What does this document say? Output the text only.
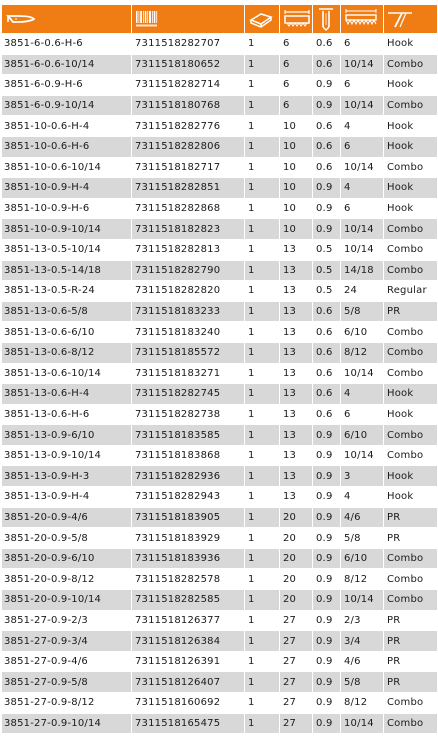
3851-6-0.6-H-6	7311518282707	1	6	0.6	6	Hook
3851-6-0.6-10/14	7311518180652	1	6	0.6	10/14	Combo
3851-6-0.9-H-6	7311518282714	1	6	0.9	6	Hook
3851-6-0.9-10/14	7311518180768	1	6	0.9	10/14	Combo
3851-10-0.6-H-4	7311518282776	1	10	0.6	4	Hook
3851-10-0.6-H-6	7311518282806	1	10	0.6	6	Hook
3851-10-0.6-10/14	7311518182717	1	10	0.6	10/14	Combo
3851-10-0.9-H-4	7311518282851	1	10	0.9	4	Hook
3851-10-0.9-H-6	7311518282868	1	10	0.9	6	Hook
3851-10-0.9-10/14	7311518182823	1	10	0.9	10/14	Combo
3851-13-0.5-10/14	7311518282813	1	13	0.5	10/14	Combo
3851-13-0.5-14/18	7311518282790	1	13	0.5	14/18	Combo
3851-13-0.5-R-24	7311518282820	1	13	0.5	24	Regular
3851-13-0.6-5/8	7311518183233	1	13	0.6	5/8	PR
3851-13-0.6-6/10	7311518183240	1	13	0.6	6/10	Combo
3851-13-0.6-8/12	7311518185572	1	13	0.6	8/12	Combo
3851-13-0.6-10/14	7311518183271	1	13	0.6	10/14	Combo
3851-13-0.6-H-4	7311518282745	1	13	0.6	4	Hook
3851-13-0.6-H-6	7311518282738	1	13	0.6	6	Hook
3851-13-0.9-6/10	7311518183585	1	13	0.9	6/10	Combo
3851-13-0.9-10/14	7311518183868	1	13	0.9	10/14	Combo
3851-13-0.9-H-3	7311518282936	1	13	0.9	3	Hook
3851-13-0.9-H-4	7311518282943	1	13	0.9	4	Hook
3851-20-0.9-4/6	7311518183905	1	20	0.9	4/6	PR
3851-20-0.9-5/8	7311518183929	1	20	0.9	5/8	PR
3851-20-0.9-6/10	7311518183936	1	20	0.9	6/10	Combo
3851-20-0.9-8/12	7311518282578	1	20	0.9	8/12	Combo
3851-20-0.9-10/14	7311518282585	1	20	0.9	10/14	Combo
3851-27-0.9-2/3	7311518126377	1	27	0.9	2/3	PR
3851-27-0.9-3/4	7311518126384	1	27	0.9	3/4	PR
3851-27-0.9-4/6	7311518126391	1	27	0.9	4/6	PR
3851-27-0.9-5/8	7311518126407	1	27	0.9	5/8	PR
3851-27-0.9-8/12	7311518160692	1	27	0.9	8/12	Combo
3851-27-0.9-10/14	7311518165475	1	27	0.9	10/14	Combo
